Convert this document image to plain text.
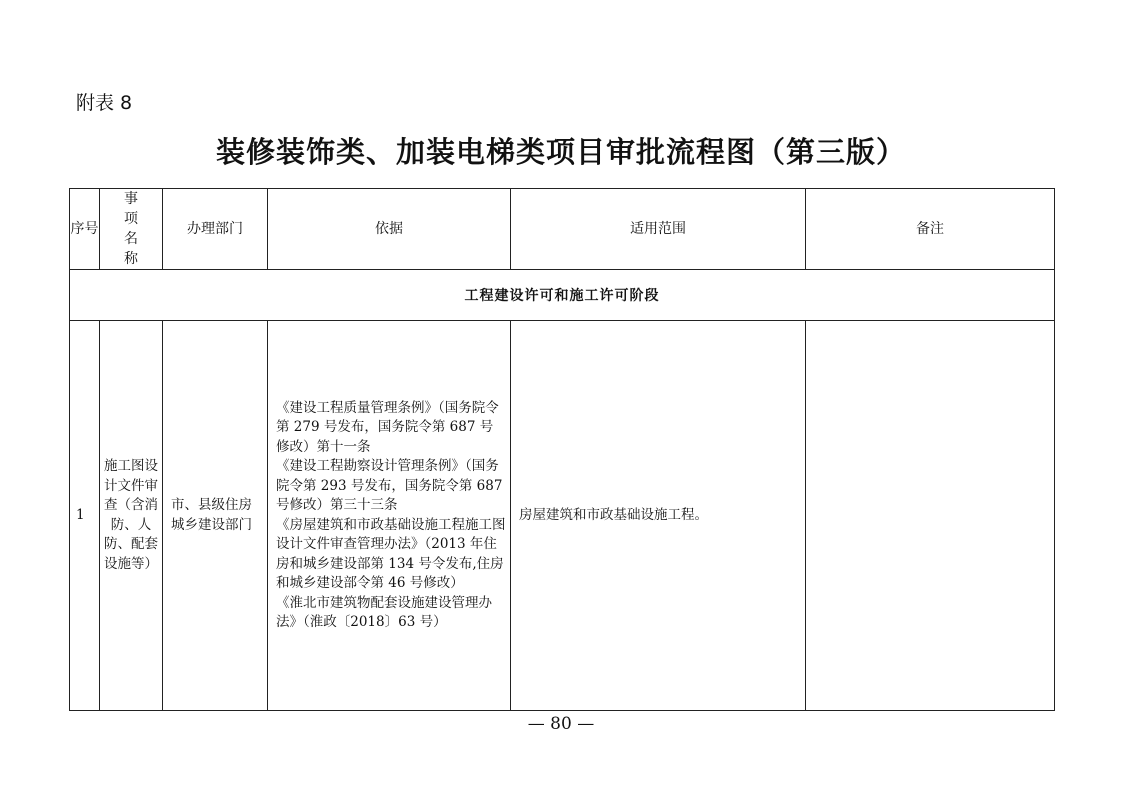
附表 8
装修装饰类、加装电梯类项目审批流程图（第三版）
序号	事项名称	办理部门	依据	适用范围	备注
工程建设许可和施工许可阶段					
1	施工图设计文件审查（含消防、人防、配套设施等）	市、县级住房城乡建设部门	《建设工程质量管理条例》（国务院令第 279 号发布，国务院令第 687 号修改）第十一条
《建设工程勘察设计管理条例》（国务院令第 293 号发布，国务院令第 687 号修改）第三十三条
《房屋建筑和市政基础设施工程施工图设计文件审查管理办法》（2013 年住房和城乡建设部第 134 号令发布,住房和城乡建设部令第 46 号修改）
《淮北市建筑物配套设施建设管理办法》（淮政〔2018〕63 号）	房屋建筑和市政基础设施工程。	
— 80 —
